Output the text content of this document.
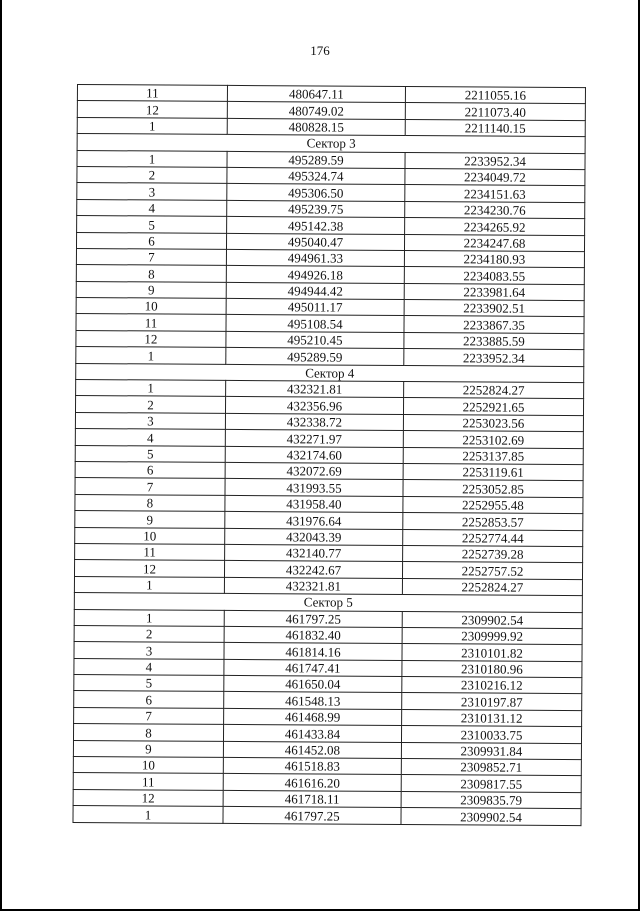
176
11	480647.11	2211055.16
12	480749.02	2211073.40
1	480828.15	2211140.15
Сектор 3		
1	495289.59	2233952.34
2	495324.74	2234049.72
3	495306.50	2234151.63
4	495239.75	2234230.76
5	495142.38	2234265.92
6	495040.47	2234247.68
7	494961.33	2234180.93
8	494926.18	2234083.55
9	494944.42	2233981.64
10	495011.17	2233902.51
11	495108.54	2233867.35
12	495210.45	2233885.59
1	495289.59	2233952.34
Сектор 4		
1	432321.81	2252824.27
2	432356.96	2252921.65
3	432338.72	2253023.56
4	432271.97	2253102.69
5	432174.60	2253137.85
6	432072.69	2253119.61
7	431993.55	2253052.85
8	431958.40	2252955.48
9	431976.64	2252853.57
10	432043.39	2252774.44
11	432140.77	2252739.28
12	432242.67	2252757.52
1	432321.81	2252824.27
Сектор 5		
1	461797.25	2309902.54
2	461832.40	2309999.92
3	461814.16	2310101.82
4	461747.41	2310180.96
5	461650.04	2310216.12
6	461548.13	2310197.87
7	461468.99	2310131.12
8	461433.84	2310033.75
9	461452.08	2309931.84
10	461518.83	2309852.71
11	461616.20	2309817.55
12	461718.11	2309835.79
1	461797.25	2309902.54
